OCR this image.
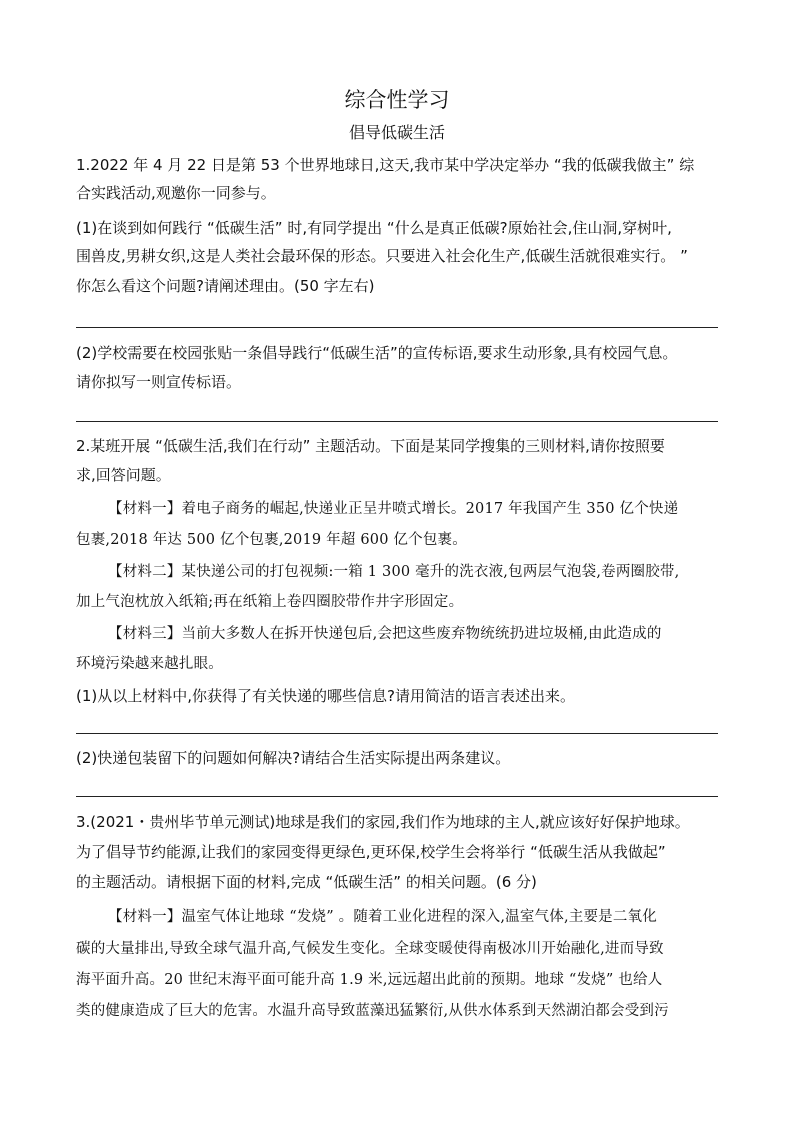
综合性学习
倡导低碳生活
1.2022 年 4 月 22 日是第 53 个世界地球日,这天,我市某中学决定举办 “我的低碳我做主” 综
合实践活动,观邀你一同参与。
(1)在谈到如何践行 “低碳生活” 时,有同学提出 “什么是真正低碳?原始社会,住山洞,穿树叶,
围兽皮,男耕女织,这是人类社会最环保的形态。只要进入社会化生产,低碳生活就很难实行。 ”
你怎么看这个问题?请阐述理由。(50 字左右)
(2)学校需要在校园张贴一条倡导践行“低碳生活”的宣传标语,要求生动形象,具有校园气息。
请你拟写一则宣传标语。
2.某班开展 “低碳生活,我们在行动” 主题活动。下面是某同学搜集的三则材料,请你按照要
求,回答问题。
【材料一】着电子商务的崛起,快递业正呈井喷式增长。2017 年我国产生 350 亿个快递
包裹,2018 年达 500 亿个包裹,2019 年超 600 亿个包裹。
【材料二】某快递公司的打包视频:一箱 1 300 毫升的洗衣液,包两层气泡袋,卷两圈胶带,
加上气泡枕放入纸箱;再在纸箱上卷四圈胶带作井字形固定。
【材料三】当前大多数人在拆开快递包后,会把这些废弃物统统扔进垃圾桶,由此造成的
环境污染越来越扎眼。
(1)从以上材料中,你获得了有关快递的哪些信息?请用简洁的语言表述出来。
(2)快递包装留下的问题如何解决?请结合生活实际提出两条建议。
3.(2021・贵州毕节单元测试)地球是我们的家园,我们作为地球的主人,就应该好好保护地球。
为了倡导节约能源,让我们的家园变得更绿色,更环保,校学生会将举行 “低碳生活从我做起”
的主题活动。请根据下面的材料,完成 “低碳生活” 的相关问题。(6 分)
【材料一】温室气体让地球 “发烧” 。随着工业化进程的深入,温室气体,主要是二氧化
碳的大量排出,导致全球气温升高,气候发生变化。全球变暖使得南极冰川开始融化,进而导致
海平面升高。20 世纪末海平面可能升高 1.9 米,远远超出此前的预期。地球 “发烧” 也给人
类的健康造成了巨大的危害。水温升高导致蓝藻迅猛繁衍,从供水体系到天然湖泊都会受到污
